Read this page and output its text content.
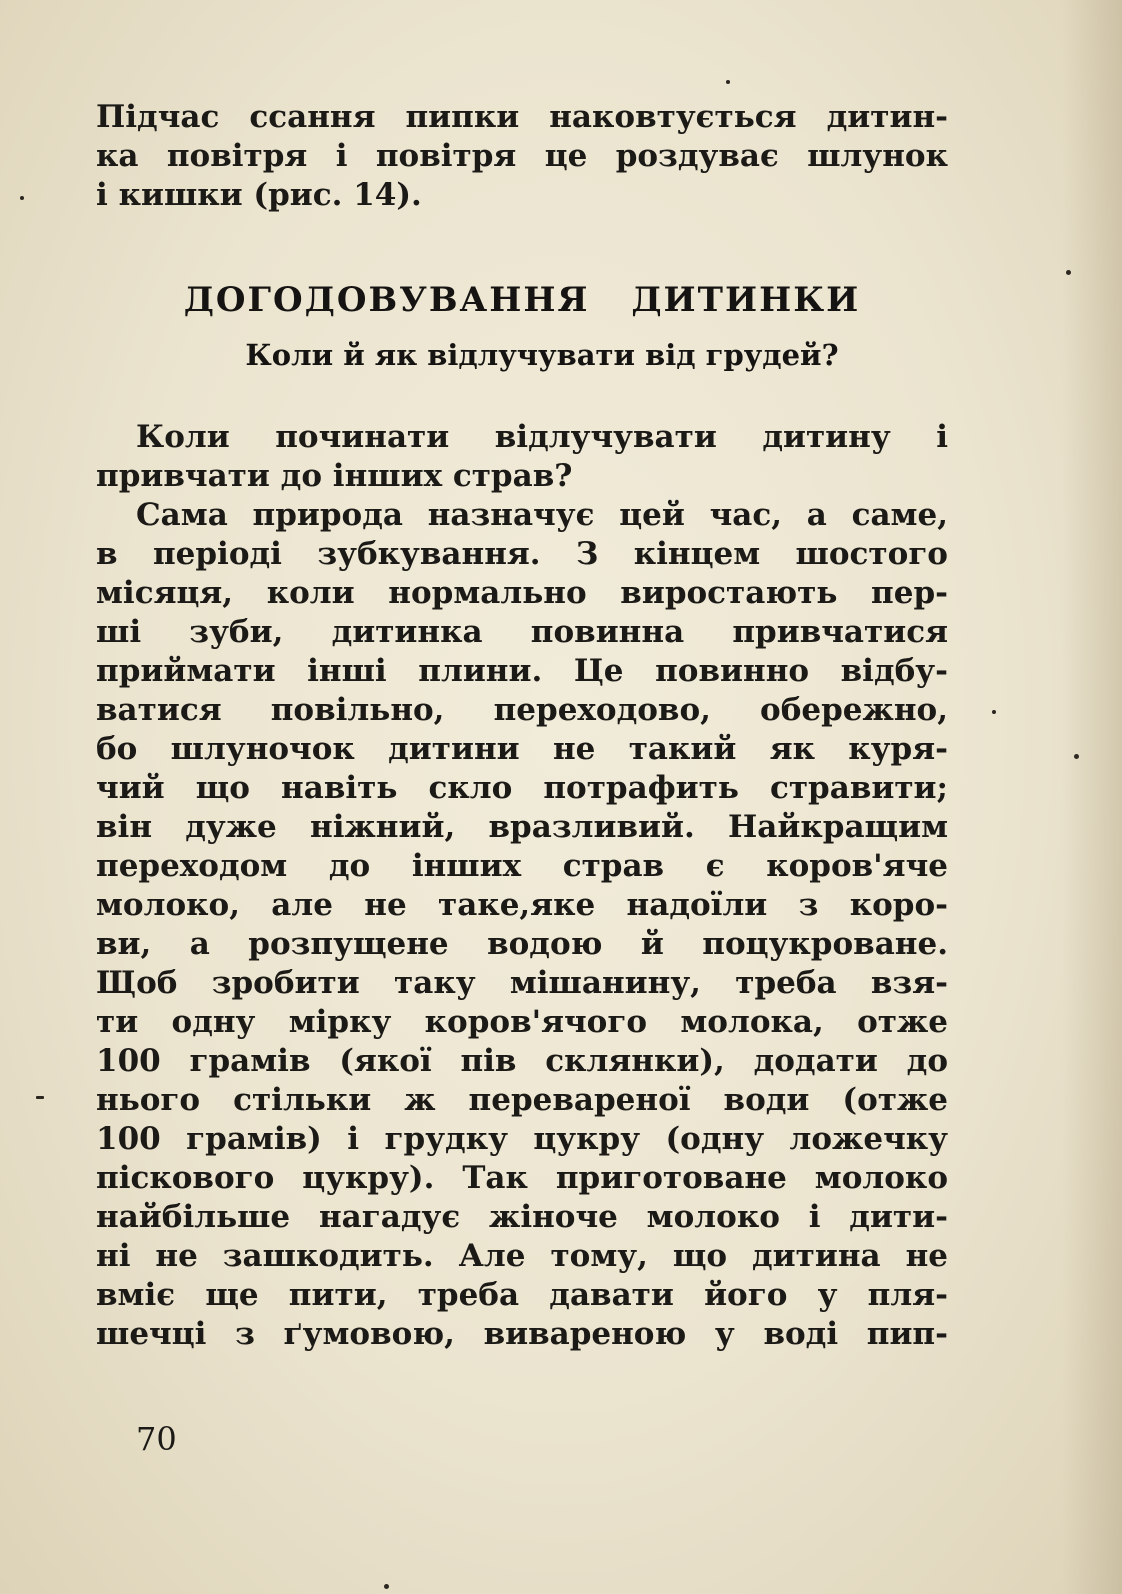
Підчас ссання пипки наковтується дитин-
ка повітря і повітря це роздуває шлунок
і кишки (рис. 14).
ДОГОДОВУВАННЯ ДИТИНКИ
Коли й як відлучувати від грудей?
Коли починати відлучувати дитину і
привчати до інших страв?
Сама природа назначує цей час, а саме,
в періоді зубкування. З кінцем шостого
місяця, коли нормально виростають пер-
ші зуби, дитинка повинна привчатися
приймати інші плини. Це повинно відбу-
ватися повільно, переходово, обережно,
бо шлуночок дитини не такий як куря-
чий що навіть скло потрафить стравити;
він дуже ніжний, вразливий. Найкращим
переходом до інших страв є коров'яче
молоко, але не таке,яке надоїли з коро-
ви, а розпущене водою й поцукроване.
Щоб зробити таку мішанину, треба взя-
ти одну мірку коров'ячого молока, отже
100 грамів (якої пів склянки), додати до
нього стільки ж переваренoї води (отже
100 грамів) і грудку цукру (одну ложечку
піскового цукру). Так приготоване молоко
найбільше нагадує жіноче молоко і дити-
ні не зашкодить. Але тому, що дитина не
вміє ще пити, треба давати його у пля-
шечці з ґумовою, вивареною у воді пип-
70
